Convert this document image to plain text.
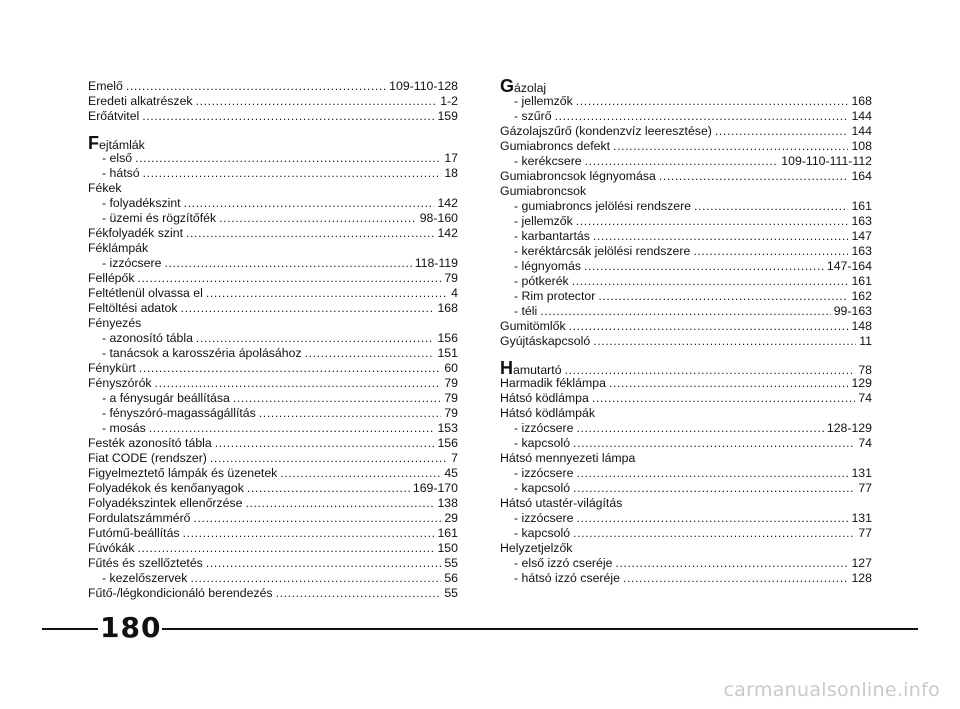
Emelő .....	109-110-128
Eredeti alkatrészek .....	1-2
Erőátvitel .....	159
Fejtámlák
- első .....	17
- hátsó .....	18
Fékek
- folyadékszint .....	142
- üzemi és rögzítőfék .....	98-160
Fékfolyadék szint .....	142
Féklámpák
- izzócsere .....	118-119
Fellépők .....	79
Feltétlenül olvassa el .....	4
Feltöltési adatok .....	168
Fényezés
- azonosító tábla .....	156
- tanácsok a karosszéria ápolásához .....	151
Fénykürt .....	60
Fényszórók .....	79
- a fénysugár beállítása .....	79
- fényszóró-magasságállítás .....	79
- mosás .....	153
Festék azonosító tábla .....	156
Fiat CODE (rendszer) .....	7
Figyelmeztető lámpák és üzenetek .....	45
Folyadékok és kenőanyagok .....	169-170
Folyadékszintek ellenőrzése .....	138
Fordulatszámmérő .....	29
Futómű-beállítás .....	161
Fúvókák .....	150
Fűtés és szellőztetés .....	55
- kezelőszervek .....	56
Fűtő-/légkondicionáló berendezés .....	55
Gázolaj
- jellemzők .....	168
- szűrő .....	144
Gázolajszűrő (kondenzvíz leeresztése) .....	144
Gumiabroncs defekt .....	108
- kerékcsere .....	109-110-111-112
Gumiabroncsok légnyomása .....	164
Gumiabroncsok
- gumiabroncs jelölési rendszere .....	161
- jellemzők .....	163
- karbantartás .....	147
- keréktárcsák jelölési rendszere .....	163
- légnyomás .....	147-164
- pótkerék .....	161
- Rim protector .....	162
- téli .....	99-163
Gumitömlők .....	148
Gyújtáskapcsoló .....	11
Hamutartó .....	78
Harmadik féklámpa .....	129
Hátsó ködlámpa .....	74
Hátsó ködlámpák
- izzócsere .....	128-129
- kapcsoló .....	74
Hátsó mennyezeti lámpa
- izzócsere .....	131
- kapcsoló .....	77
Hátsó utastér-világítás
- izzócsere .....	131
- kapcsoló .....	77
Helyzetjelzők
- első izzó cseréje .....	127
- hátsó izzó cseréje .....	128
180
carmanualsonline.info
